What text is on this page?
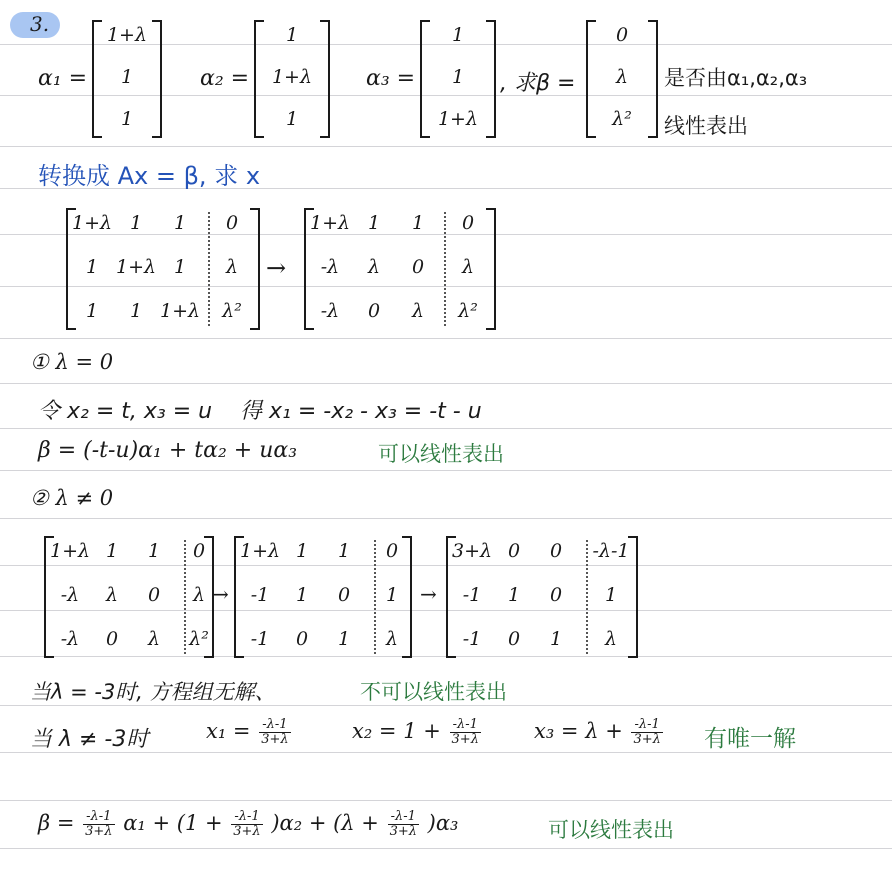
3.
α₁ =
1+λ
1
1
α₂ =
1
1+λ
1
α₃ =
1
1
1+λ
, 求β =
0
λ
λ²
是否由α₁,α₂,α₃
线性表出
转换成 Ax = β, 求 x
1+λ 1	1	0
1 1+λ 1	λ
1	1 1+λ	λ²
→
1+λ 1	1	0
-λ	λ	0	λ
-λ	0	λ	λ²
① λ = 0
令 x₂ = t, x₃ = u 得 x₁ = -x₂ - x₃ = -t - u
β = (-t-u)α₁ + tα₂ + uα₃	可以线性表出
② λ ≠ 0
1+λ 1	1	0
-λ	λ	0	λ
-λ	0	λ	λ²
→
1+λ 1	1	0
-1	1	0	1
-1	0	1	λ
→
3+λ 0	0	-λ-1
-1	1	0	1
-1	0	1	λ
当λ = -3时, 方程组无解、	不可以线性表出
当 λ ≠ -3时	$x_1 = \frac{-\lambda-1}{3+\lambda}$	$x_2 = 1 + \frac{-\lambda-1}{3+\lambda}$	$x_3 = \lambda + \frac{-\lambda-1}{3+\lambda}$ 有唯一解
$\beta = \frac{-\lambda-1}{3+\lambda} \alpha_1 + (1 + \frac{-\lambda-1}{3+\lambda} )\alpha_2 + (\lambda + \frac{-\lambda-1}{3+\lambda} )\alpha_3$	可以线性表出
